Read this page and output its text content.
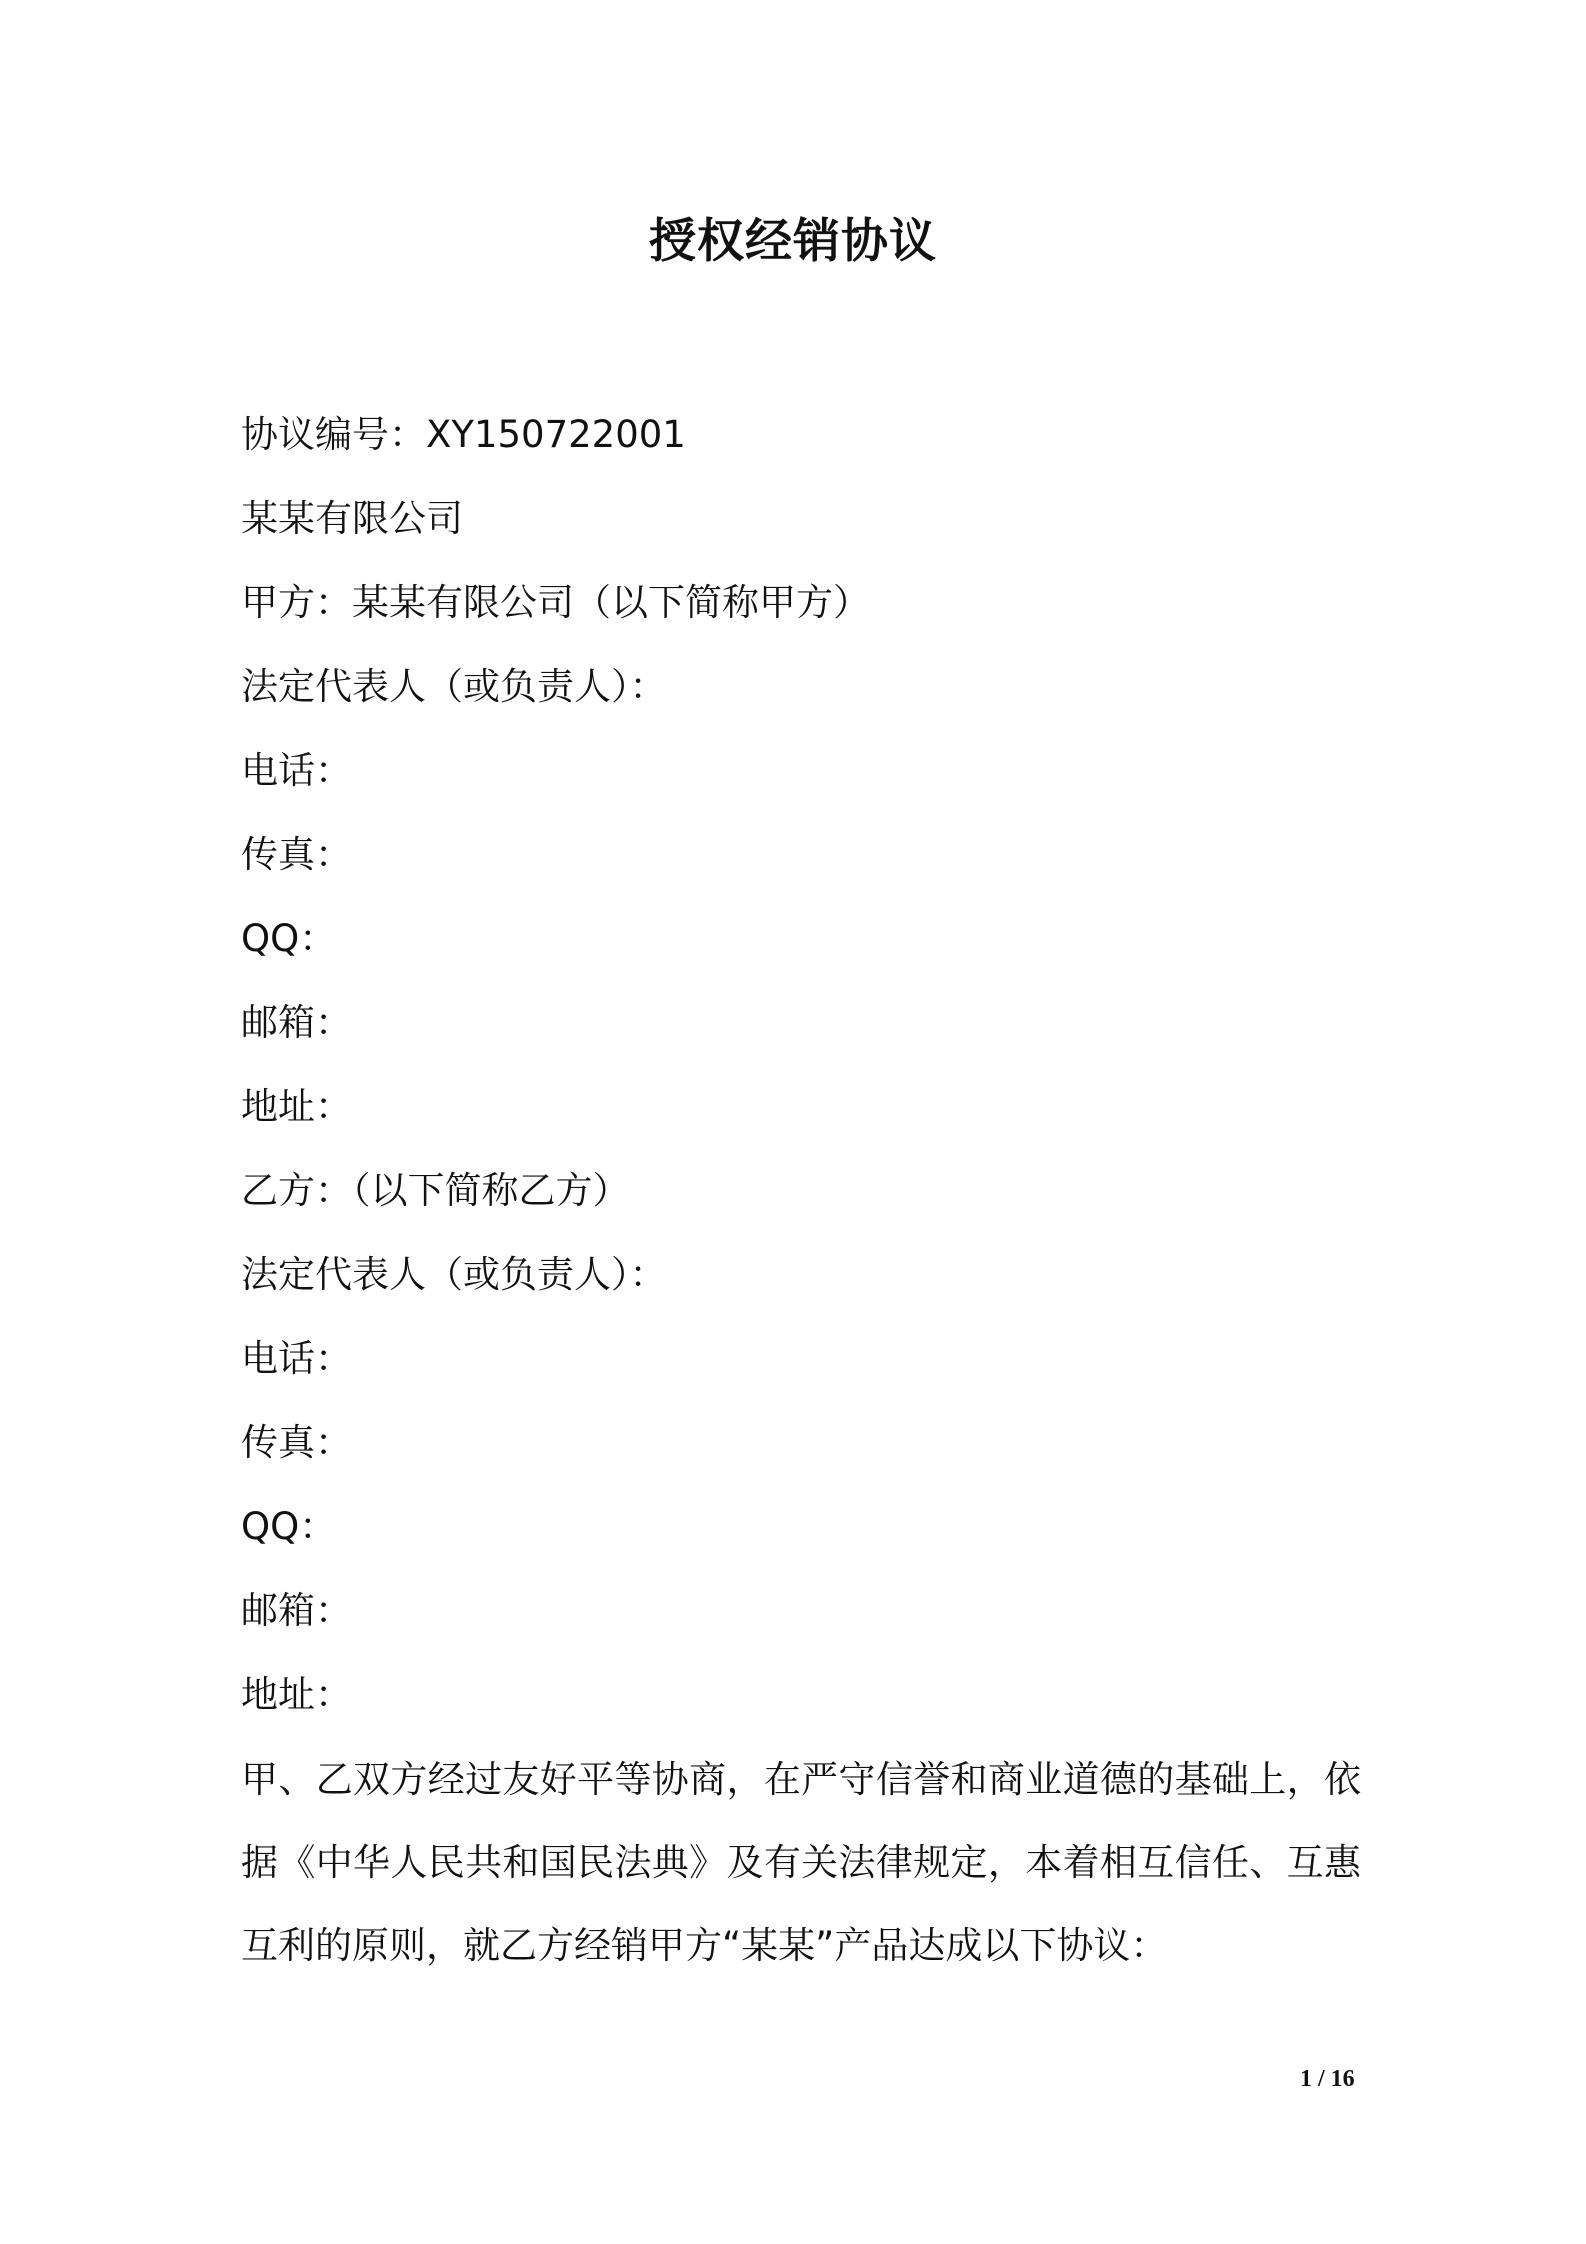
授权经销协议
协议编号：XY150722001
某某有限公司
甲方：某某有限公司（以下简称甲方）
法定代表人（或负责人）：
电话：
传真：
QQ：
邮箱：
地址：
乙方：（以下简称乙方）
法定代表人（或负责人）：
电话：
传真：
QQ：
邮箱：
地址：

甲、乙双方经过友好平等协商，在严守信誉和商业道德的基础上，依据《中华人民共和国民法典》及有关法律规定，本着相互信任、互惠互利的原则，就乙方经销甲方“某某”产品达成以下协议：

1 / 16
